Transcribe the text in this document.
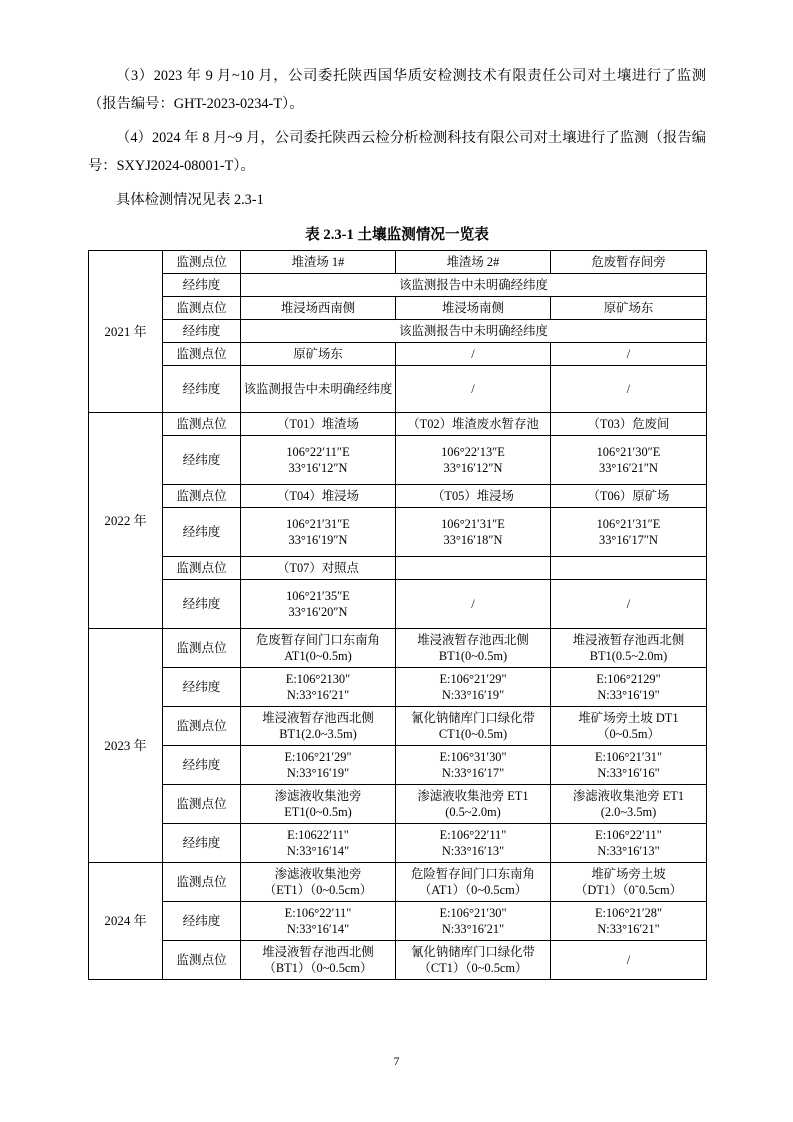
（3）2023 年 9 月~10 月，公司委托陕西国华质安检测技术有限责任公司对土壤进行了监测（报告编号：GHT-2023-0234-T）。

（4）2024 年 8 月~9 月，公司委托陕西云检分析检测科技有限公司对土壤进行了监测（报告编号：SXYJ2024-08001-T）。

具体检测情况见表 2.3-1

表 2.3-1 土壤监测情况一览表
2021 年	监测点位	堆渣场 1#	堆渣场 2#	危废暂存间旁
	经纬度	该监测报告中未明确经纬度		
	监测点位	堆浸场西南侧	堆浸场南侧	原矿场东
	经纬度	该监测报告中未明确经纬度		
	监测点位	原矿场东	/	/
	经纬度	该监测报告中未明确经纬度	/	/
2022 年	监测点位	（T01）堆渣场	（T02）堆渣废水暂存池	（T03）危废间
	经纬度	106°22′11″E
33°16′12″N	106°22′13″E
33°16′12″N	106°21′30″E
33°16′21″N

	监测点位	（T04）堆浸场	（T05）堆浸场	（T06）原矿场
	经纬度	106°21′31″E
33°16′19″N	106°21′31″E
33°16′18″N	106°21′31″E
33°16′17″N

	监测点位	（T07）对照点		
	经纬度	106°21′35″E
33°16′20″N	/	/
2023 年	监测点位	危废暂存间门口东南角
AT1(0~0.5m)	堆浸液暂存池西北侧
BT1(0~0.5m)	堆浸液暂存池西北侧
BT1(0.5~2.0m)

	经纬度	E:106°2130"
N:33°16′21"	E:106°21′29"
N:33°16′19"	E:106°2129"
N:33°16′19"

	监测点位	堆浸液暂存池西北侧
BT1(2.0~3.5m)	氰化钠储库门口绿化带
CT1(0~0.5m)	堆矿场旁土坡 DT1
（0~0.5m）

	经纬度	E:106°21′29"
N:33°16′19"	E:106°31′30"
N:33°16′17"	E:106°21′31"
N:33°16′16"

	监测点位	渗滤液收集池旁
ET1(0~0.5m)	渗滤液收集池旁 ET1
(0.5~2.0m)	渗滤液收集池旁 ET1
(2.0~3.5m)

	经纬度	E:10622′11"
N:33°16′14"	E:106°22′11"
N:33°16′13"	E:106°22′11"
N:33°16′13"

2024 年	监测点位	渗滤液收集池旁
（ET1）（0~0.5cm）	危险暂存间门口东南角
（AT1）（0~0.5cm）	堆矿场旁土坡
（DT1）（0˜0.5cm）

	经纬度	E:106°22′11"
N:33°16′14"	E:106°21′30"
N:33°16′21"	E:106°21′28"
N:33°16′21"

	监测点位	堆浸液暂存池西北侧
（BT1）（0~0.5cm）	氰化钠储库门口绿化带
（CT1）（0~0.5cm）	/
7
